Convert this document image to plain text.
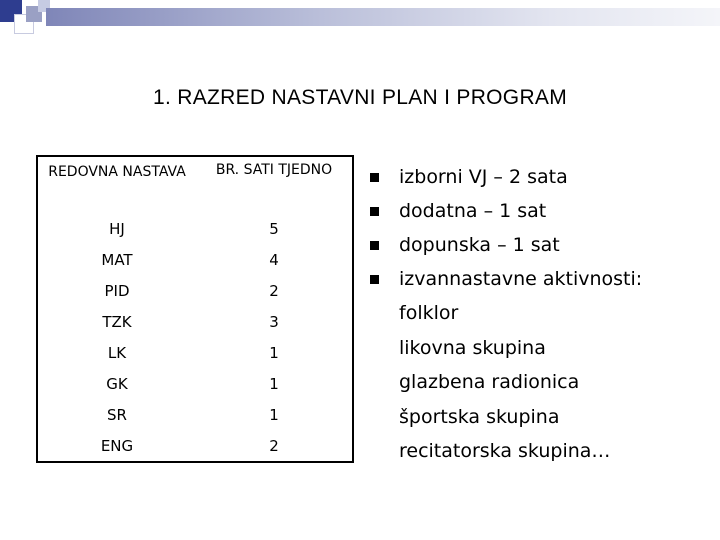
1. RAZRED NASTAVNI PLAN I PROGRAM
REDOVNA NASTAVA	BR. SATI TJEDNO
HJ	5
MAT	4
PID	2
TZK	3
LK	1
GK	1
SR	1
ENG	2
izborni VJ – 2 sata
dodatna – 1 sat
dopunska – 1 sat
izvannastavne aktivnosti:
folklor
likovna skupina
glazbena radionica
športska skupina
recitatorska skupina…
